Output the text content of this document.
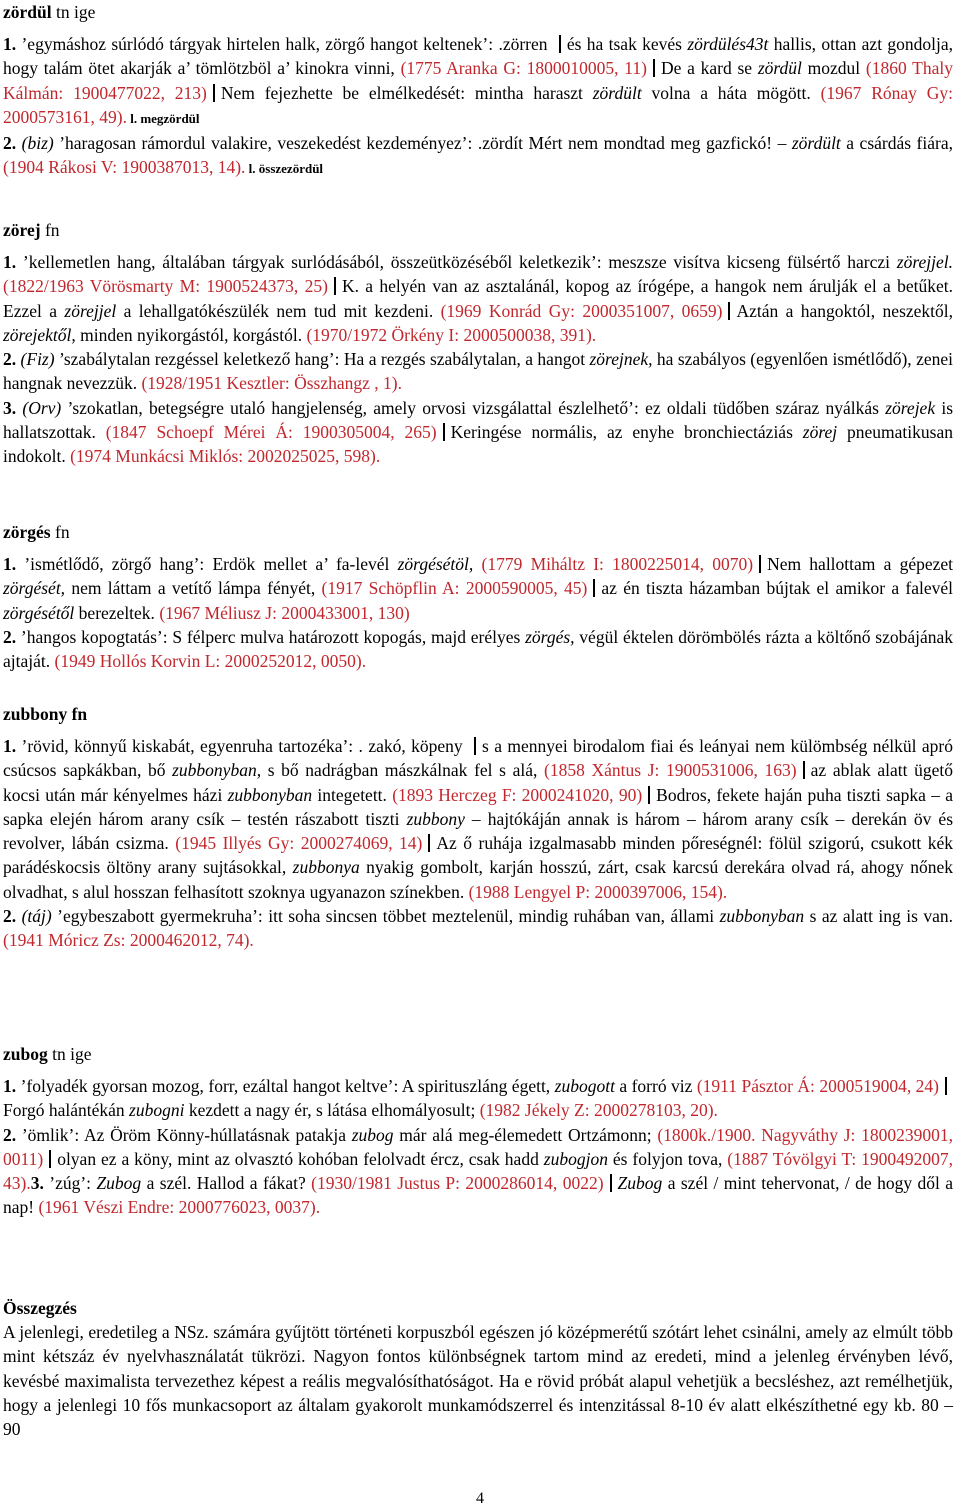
zördül tn ige

1. ’egymáshoz súrlódó tárgyak hirtelen halk, zörgő hangot keltenek’: .zörren és ha tsak kevés zördülés43t hallis, ottan azt gondolja, hogy talám ötet akarják a’ tömlötzböl a’ kinokra vinni, (1775 Aranka G: 1800010005, 11) De a kard se zördül mozdul (1860 Thaly Kálmán: 1900477022, 213) Nem fejezhette be elmélkedését: mintha haraszt zördült volna a háta mögött. (1967 Rónay Gy: 2000573161, 49). l. megzördül

2. (biz) ’haragosan rámordul valakire, veszekedést kezdeményez’: .zördít Mért nem mondtad meg gazfickó! – zördült a csárdás fiára, (1904 Rákosi V: 1900387013, 14). l. összezördül

zörej fn

1. ’kellemetlen hang, általában tárgyak surlódásából, összeütközéséből keletkezik’: meszsze visítva kicseng fülsértő harczi zörejjel. (1822/1963 Vörösmarty M: 1900524373, 25) K. a helyén van az asztalánál, kopog az írógépe, a hangok nem árulják el a betűket. Ezzel a zörejjel a lehallgatókészülék nem tud mit kezdeni. (1969 Konrád Gy: 2000351007, 0659) Aztán a hangoktól, neszektől, zörejektől, minden nyikorgástól, korgástól. (1970/1972 Örkény I: 2000500038, 391).

2. (Fiz) ’szabálytalan rezgéssel keletkező hang’: Ha a rezgés szabálytalan, a hangot zörejnek, ha szabályos (egyenlően ismétlődő), zenei hangnak nevezzük. (1928/1951 Kesztler: Összhangz , 1).

3. (Orv) ’szokatlan, betegségre utaló hangjelenség, amely orvosi vizsgálattal észlelhető’: ez oldali tüdőben száraz nyálkás zörejek is hallatszottak. (1847 Schoepf Mérei Á: 1900305004, 265) Keringése normális, az enyhe bronchiectáziás zörej pneumatikusan indokolt. (1974 Munkácsi Miklós: 2002025025, 598).

zörgés fn

1. ’ismétlődő, zörgő hang’: Erdök mellet a’ fa-levél zörgésétöl, (1779 Miháltz I: 1800225014, 0070) Nem hallottam a gépezet zörgését, nem láttam a vetítő lámpa fényét, (1917 Schöpflin A: 2000590005, 45) az én tiszta házamban bújtak el amikor a falevél zörgésétől berezeltek. (1967 Méliusz J: 2000433001, 130)

2. ’hangos kopogtatás’: S félperc mulva határozott kopogás, majd erélyes zörgés, végül éktelen dörömbölés rázta a költőnő szobájának ajtaját. (1949 Hollós Korvin L: 2000252012, 0050).

zubbony fn

1. ’rövid, könnyű kiskabát, egyenruha tartozéka’: . zakó, köpeny s a mennyei birodalom fiai és leányai nem külömbség nélkül apró csúcsos sapkákban, bő zubbonyban, s bő nadrágban mászkálnak fel s alá, (1858 Xántus J: 1900531006, 163) az ablak alatt ügető kocsi után már kényelmes házi zubbonyban integetett. (1893 Herczeg F: 2000241020, 90) Bodros, fekete haján puha tiszti sapka – a sapka elején három arany csík – testén rászabott tiszti zubbony – hajtókáján annak is három – három arany csík – derekán öv és revolver, lábán csizma. (1945 Illyés Gy: 2000274069, 14) Az ő ruhája izgalmasabb minden pőreségnél: fölül szigorú, csukott kék parádéskocsis öltöny arany sujtásokkal, zubbonya nyakig gombolt, karján hosszú, zárt, csak karcsú derekára olvad rá, ahogy nőnek olvadhat, s alul hosszan felhasított szoknya ugyanazon színekben. (1988 Lengyel P: 2000397006, 154).

2. (táj) ’egybeszabott gyermekruha’: itt soha sincsen többet meztelenül, mindig ruhában van, állami zubbonyban s az alatt ing is van. (1941 Móricz Zs: 2000462012, 74).

zubog tn ige

1. ’folyadék gyorsan mozog, forr, ezáltal hangot keltve’: A spirituszláng égett, zubogott a forró viz (1911 Pásztor Á: 2000519004, 24)Forgó halántékán zubogni kezdett a nagy ér, s látása elhomályosult; (1982 Jékely Z: 2000278103, 20).

2. ’ömlik’: Az Öröm Könny-húllatásnak patakja zubog már alá meg-élemedett Ortzámonn; (1800k./1900. Nagyváthy J: 1800239001, 0011) olyan ez a köny, mint az olvasztó kohóban felolvadt ércz, csak hadd zubogjon és folyjon tova, (1887 Tóvölgyi T: 1900492007, 43).3. ’zúg’: Zubog a szél. Hallod a fákat? (1930/1981 Justus P: 2000286014, 0022) Zubog a szél / mint tehervonat, / de hogy dől a nap! (1961 Vészi Endre: 2000776023, 0037).

Összegzés

A jelenlegi, eredetileg a NSz. számára gyűjtött történeti korpuszból egészen jó középmerétű szótárt lehet csinálni, amely az elmúlt több mint kétszáz év nyelvhasználatát tükrözi. Nagyon fontos különbségnek tartom mind az eredeti, mind a jelenleg érvényben lévő, kevésbé maximalista tervezethez képest a reális megvalósíthatóságot. Ha e rövid próbát alapul vehetjük a becsléshez, azt remélhetjük, hogy a jelenlegi 10 fős munkacsoport az általam gyakorolt munkamódszerrel és intenzitással 8-10 év alatt elkészíthetné egy kb. 80 – 90

4
